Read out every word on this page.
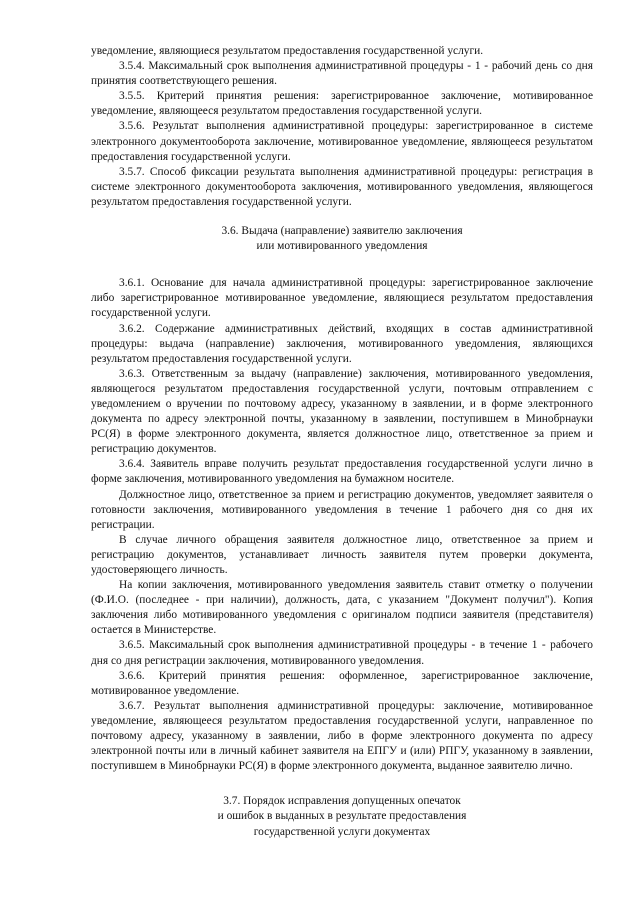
уведомление, являющиеся результатом предоставления государственной услуги.

3.5.4. Максимальный срок выполнения административной процедуры - 1 - рабочий день со дня принятия соответствующего решения.

3.5.5. Критерий принятия решения: зарегистрированное заключение, мотивированное уведомление, являющееся результатом предоставления государственной услуги.

3.5.6. Результат выполнения административной процедуры: зарегистрированное в системе электронного документооборота заключение, мотивированное уведомление, являющееся результатом предоставления государственной услуги.

3.5.7. Способ фиксации результата выполнения административной процедуры: регистрация в системе электронного документооборота заключения, мотивированного уведомления, являющегося результатом предоставления государственной услуги.

3.6. Выдача (направление) заявителю заключения

или мотивированного уведомления

3.6.1. Основание для начала административной процедуры: зарегистрированное заключение либо зарегистрированное мотивированное уведомление, являющиеся результатом предоставления государственной услуги.

3.6.2. Содержание административных действий, входящих в состав административной процедуры: выдача (направление) заключения, мотивированного уведомления, являющихся результатом предоставления государственной услуги.

3.6.3. Ответственным за выдачу (направление) заключения, мотивированного уведомления, являющегося результатом предоставления государственной услуги, почтовым отправлением с уведомлением о вручении по почтовому адресу, указанному в заявлении, и в форме электронного документа по адресу электронной почты, указанному в заявлении, поступившем в Минобрнауки РС(Я) в форме электронного документа, является должностное лицо, ответственное за прием и регистрацию документов.

3.6.4. Заявитель вправе получить результат предоставления государственной услуги лично в форме заключения, мотивированного уведомления на бумажном носителе.

Должностное лицо, ответственное за прием и регистрацию документов, уведомляет заявителя о готовности заключения, мотивированного уведомления в течение 1 рабочего дня со дня их регистрации.

В случае личного обращения заявителя должностное лицо, ответственное за прием и регистрацию документов, устанавливает личность заявителя путем проверки документа, удостоверяющего личность.

На копии заключения, мотивированного уведомления заявитель ставит отметку о получении (Ф.И.О. (последнее - при наличии), должность, дата, с указанием "Документ получил"). Копия заключения либо мотивированного уведомления с оригиналом подписи заявителя (представителя) остается в Министерстве.

3.6.5. Максимальный срок выполнения административной процедуры - в течение 1 - рабочего дня со дня регистрации заключения, мотивированного уведомления.

3.6.6. Критерий принятия решения: оформленное, зарегистрированное заключение, мотивированное уведомление.

3.6.7. Результат выполнения административной процедуры: заключение, мотивированное уведомление, являющееся результатом предоставления государственной услуги, направленное по почтовому адресу, указанному в заявлении, либо в форме электронного документа по адресу электронной почты или в личный кабинет заявителя на ЕПГУ и (или) РПГУ, указанному в заявлении, поступившем в Минобрнауки РС(Я) в форме электронного документа, выданное заявителю лично.

3.7. Порядок исправления допущенных опечаток

и ошибок в выданных в результате предоставления

государственной услуги документах
